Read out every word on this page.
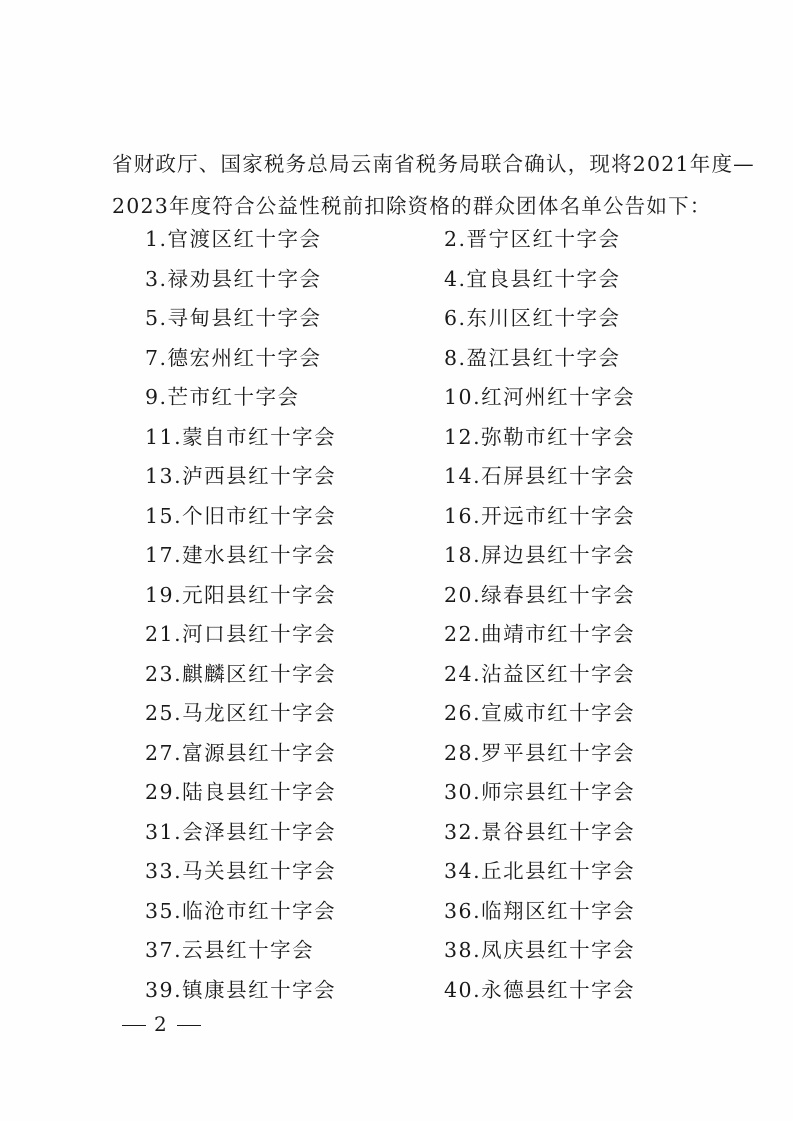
省财政厅、国家税务总局云南省税务局联合确认，现将2021年度—
2023年度符合公益性税前扣除资格的群众团体名单公告如下：

1.官渡区红十字会	2.晋宁区红十字会
3.禄劝县红十字会	4.宜良县红十字会
5.寻甸县红十字会	6.东川区红十字会
7.德宏州红十字会	8.盈江县红十字会
9.芒市红十字会	10.红河州红十字会
11.蒙自市红十字会	12.弥勒市红十字会
13.泸西县红十字会	14.石屏县红十字会
15.个旧市红十字会	16.开远市红十字会
17.建水县红十字会	18.屏边县红十字会
19.元阳县红十字会	20.绿春县红十字会
21.河口县红十字会	22.曲靖市红十字会
23.麒麟区红十字会	24.沾益区红十字会
25.马龙区红十字会	26.宣威市红十字会
27.富源县红十字会	28.罗平县红十字会
29.陆良县红十字会	30.师宗县红十字会
31.会泽县红十字会	32.景谷县红十字会
33.马关县红十字会	34.丘北县红十字会
35.临沧市红十字会	36.临翔区红十字会
37.云县红十字会	38.凤庆县红十字会
39.镇康县红十字会	40.永德县红十字会
2
